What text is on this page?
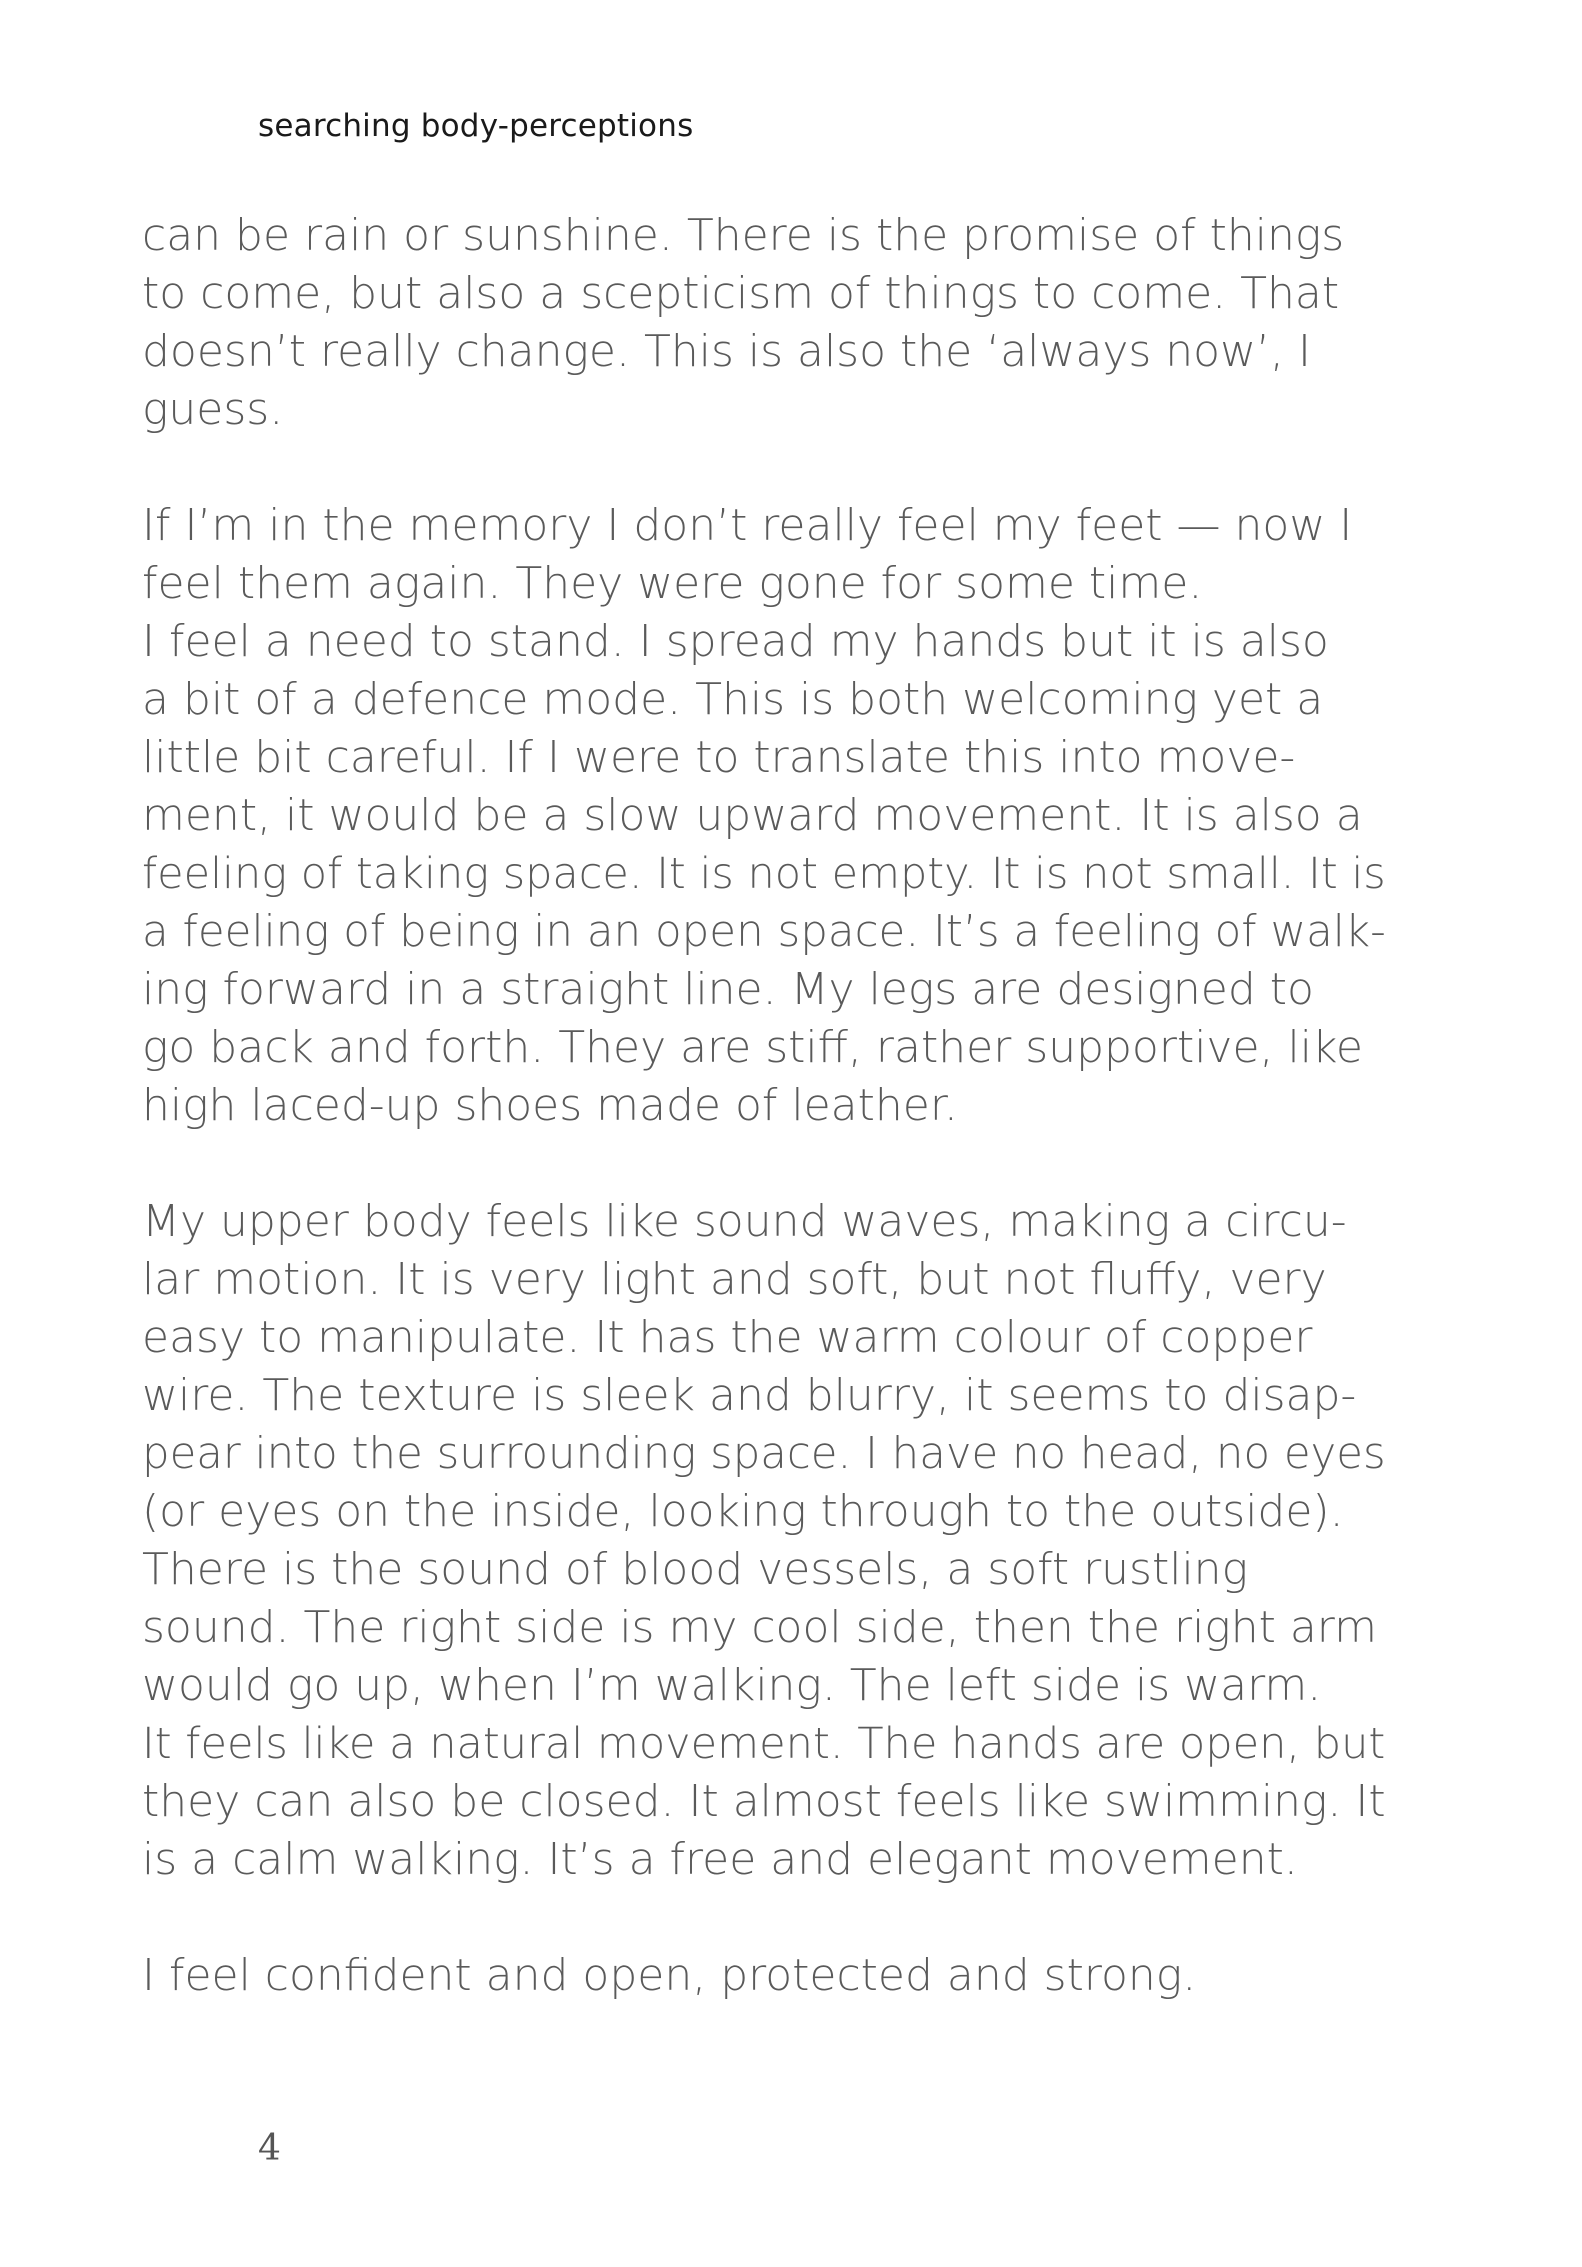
searching body-perceptions
can be rain or sunshine. There is the promise of things
to come, but also a scepticism of things to come. That
doesn’t really change. This is also the ‘always now’, I
guess.
If I’m in the memory I don’t really feel my feet — now I
feel them again. They were gone for some time.
I feel a need to stand. I spread my hands but it is also
a bit of a defence mode. This is both welcoming yet a
little bit careful. If I were to translate this into move-
ment, it would be a slow upward movement. It is also a
feeling of taking space. It is not empty. It is not small. It is
a feeling of being in an open space. It’s a feeling of walk-
ing forward in a straight line. My legs are designed to
go back and forth. They are stiff, rather supportive, like
high laced-up shoes made of leather.
My upper body feels like sound waves, making a circu-
lar motion. It is very light and soft, but not fluffy, very
easy to manipulate. It has the warm colour of copper
wire. The texture is sleek and blurry, it seems to disap-
pear into the surrounding space. I have no head, no eyes
(or eyes on the inside, looking through to the outside).
There is the sound of blood vessels, a soft rustling
sound. The right side is my cool side, then the right arm
would go up, when I’m walking. The left side is warm.
It feels like a natural movement. The hands are open, but
they can also be closed. It almost feels like swimming. It
is a calm walking. It’s a free and elegant movement.
I feel confident and open, protected and strong.
4
